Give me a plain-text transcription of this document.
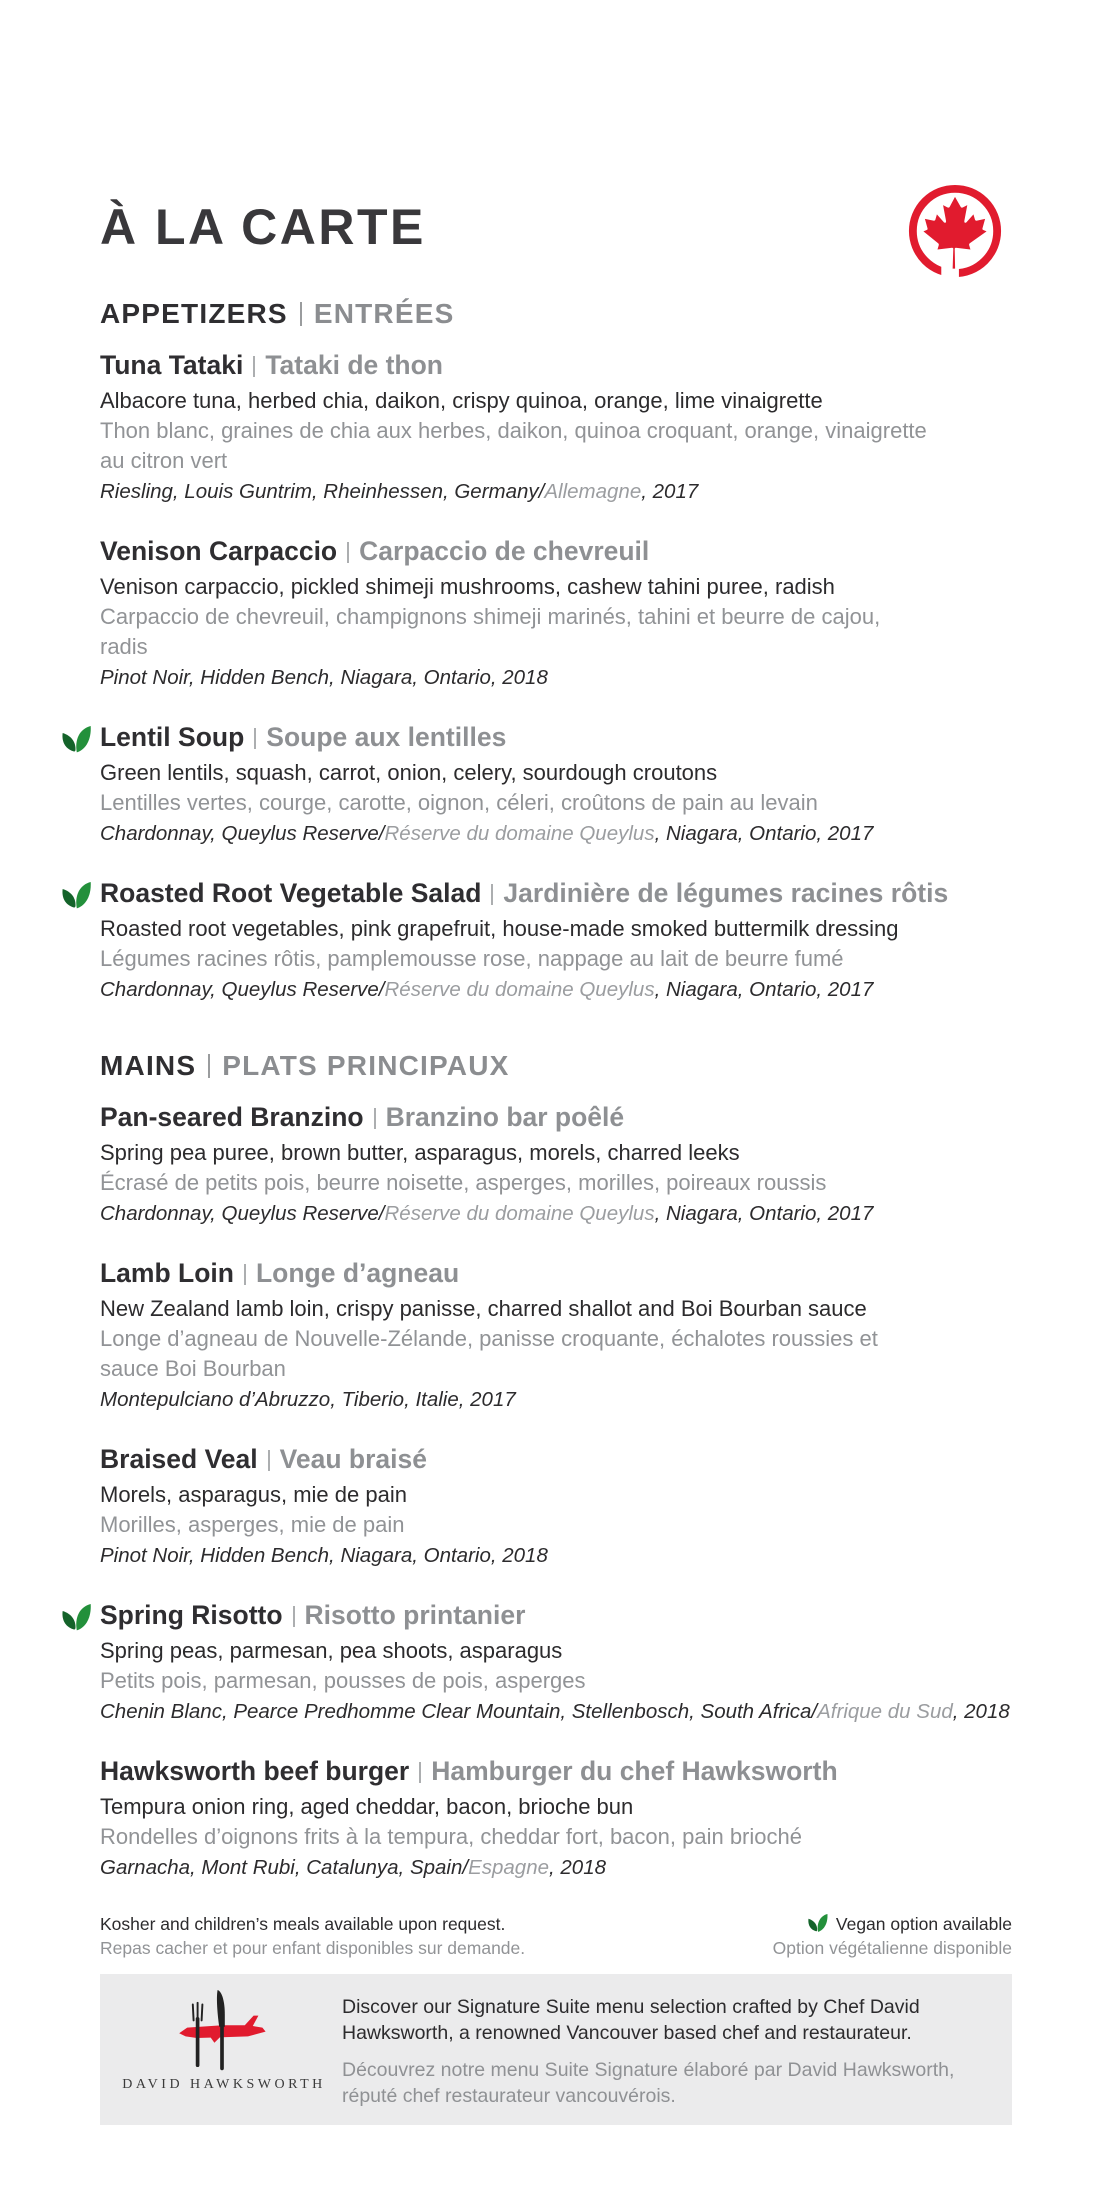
À LA CARTE
APPETIZERS ENTRÉES
Tuna Tataki Tataki de thon

Albacore tuna, herbed chia, daikon, crispy quinoa, orange, lime vinaigrette

Thon blanc, graines de chia aux herbes, daikon, quinoa croquant, orange, vinaigrette au citron vert

Riesling, Louis Guntrim, Rheinhessen, Germany/Allemagne, 2017

Venison Carpaccio Carpaccio de chevreuil

Venison carpaccio, pickled shimeji mushrooms, cashew tahini puree, radish

Carpaccio de chevreuil, champignons shimeji marinés, tahini et beurre de cajou, radis

Pinot Noir, Hidden Bench, Niagara, Ontario, 2018

Lentil Soup Soupe aux lentilles

Green lentils, squash, carrot, onion, celery, sourdough croutons

Lentilles vertes, courge, carotte, oignon, céleri, croûtons de pain au levain

Chardonnay, Queylus Reserve/Réserve du domaine Queylus, Niagara, Ontario, 2017

Roasted Root Vegetable Salad Jardinière de légumes racines rôtis

Roasted root vegetables, pink grapefruit, house-made smoked buttermilk dressing

Légumes racines rôtis, pamplemousse rose, nappage au lait de beurre fumé

Chardonnay, Queylus Reserve/Réserve du domaine Queylus, Niagara, Ontario, 2017

MAINS PLATS PRINCIPAUX
Pan-seared Branzino Branzino bar poêlé

Spring pea puree, brown butter, asparagus, morels, charred leeks

Écrasé de petits pois, beurre noisette, asperges, morilles, poireaux roussis

Chardonnay, Queylus Reserve/Réserve du domaine Queylus, Niagara, Ontario, 2017

Lamb Loin Longe d’agneau

New Zealand lamb loin, crispy panisse, charred shallot and Boi Bourban sauce

Longe d’agneau de Nouvelle-Zélande, panisse croquante, échalotes roussies et sauce Boi Bourban

Montepulciano d’Abruzzo, Tiberio, Italie, 2017

Braised Veal Veau braisé

Morels, asparagus, mie de pain

Morilles, asperges, mie de pain

Pinot Noir, Hidden Bench, Niagara, Ontario, 2018

Spring Risotto Risotto printanier

Spring peas, parmesan, pea shoots, asparagus

Petits pois, parmesan, pousses de pois, asperges

Chenin Blanc, Pearce Predhomme Clear Mountain, Stellenbosch, South Africa/Afrique du Sud, 2018

Hawksworth beef burger Hamburger du chef Hawksworth

Tempura onion ring, aged cheddar, bacon, brioche bun

Rondelles d’oignons frits à la tempura, cheddar fort, bacon, pain brioché

Garnacha, Mont Rubi, Catalunya, Spain/Espagne, 2018

Kosher and children’s meals available upon request.
Repas cacher et pour enfant disponibles sur demande.
Vegan option available
Option végétalienne disponible
DAVID HAWKSWORTH

Discover our Signature Suite menu selection crafted by Chef David Hawksworth, a renowned Vancouver based chef and restaurateur.

Découvrez notre menu Suite Signature élaboré par David Hawksworth, réputé chef restaurateur vancouvérois.
